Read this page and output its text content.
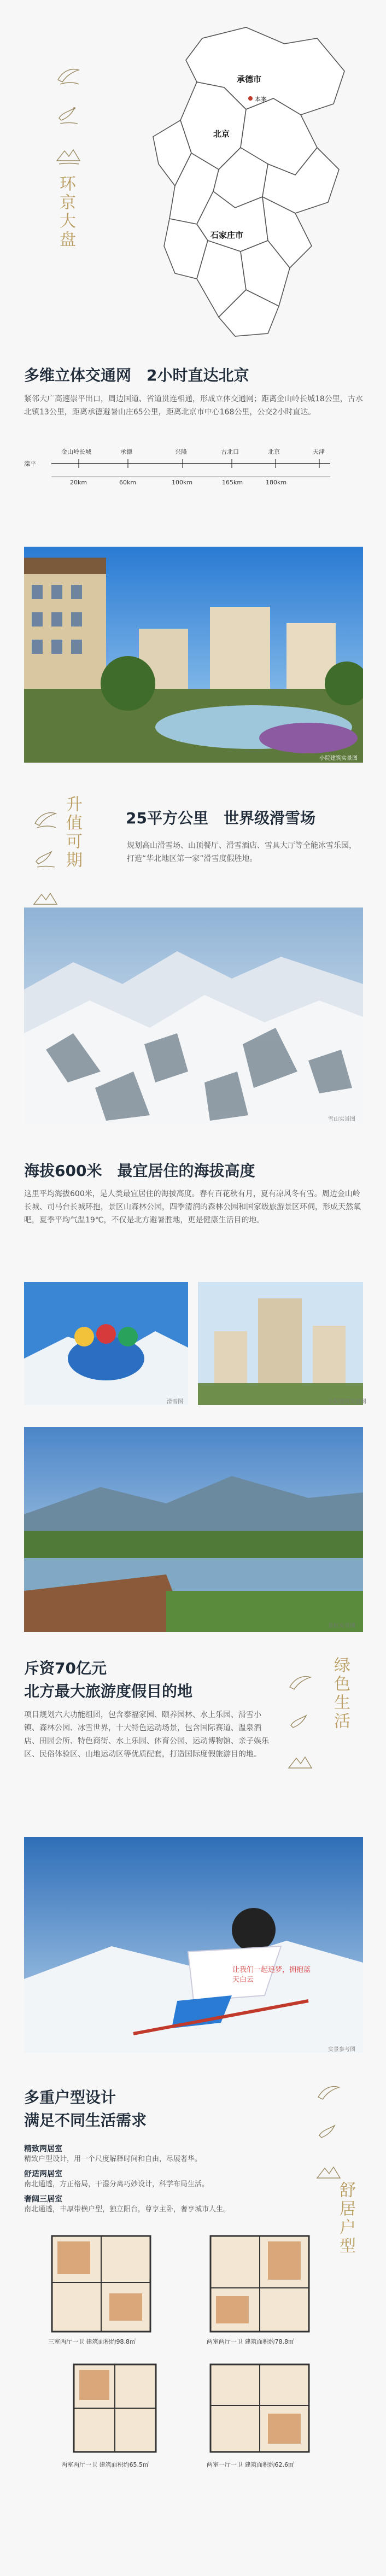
环京大盘
承德市
本案
北京
石家庄市
多维立体交通网　2小时直达北京
紧邻大广高速崇平出口，周边国道、省道贯连相通，形成立体交通网；距离金山岭长城18公里，古水北镇13公里，距离承德避暑山庄65公里，距离北京市中心168公里，公交2小时直达。
滦平
金山岭长城	承德	兴隆	古北口	北京	天津
20km	60km	100km	165km	180km
小院建筑实景图
升值可期	25平方公里　世界级滑雪场
规划高山滑雪场、山顶餐厅、滑雪酒店、雪具大厅等全能冰雪乐园，打造“华北地区第一家”滑雪度假胜地。
雪山实景图
海拔600米　最宜居住的海拔高度
这里平均海拔600米，是人类最宜居住的海拔高度。春有百花秋有月，夏有凉风冬有雪。周边金山岭长城、司马台长城环抱，景区山森林公园，四季清润的森林公园和国家级旅游景区环伺，形成天然氧吧，夏季平均气温19℃，不仅是北方避暑胜地，更是健康生活目的地。
滑雪图	小院建筑实景图
景区实景图
斥资70亿元
北方最大旅游度假目的地
项目规划六大功能组团，包含泰福家园、颐养园林、水上乐园、滑雪小镇、森林公园、冰雪世界，十大特色运动场景，包含国际赛道、温泉酒店、田园会所、特色商街、水上乐园、体育公园、运动博物馆、亲子娱乐区、民俗体验区、山地运动区等优质配套，打造国际度假旅游目的地。
绿色生活
让我们一起追梦，拥抱蓝天白云
实景参考图
多重户型设计
满足不同生活需求
精致两居室
精致户型设计，用一个尺度解释时间和自由，尽展奢华。
舒适两居室
南北通透，方正格局，干湿分离巧妙设计，科学布局生活。
奢阔三居室
南北通透，丰厚带横户型，独立阳台，尊享主卧，奢享城市人生。	舒居户型
三室两厅一卫 建筑面积约98.8㎡	两室两厅一卫 建筑面积约78.8㎡
两室两厅一卫 建筑面积约65.5㎡	两室一厅一卫 建筑面积约62.6㎡
